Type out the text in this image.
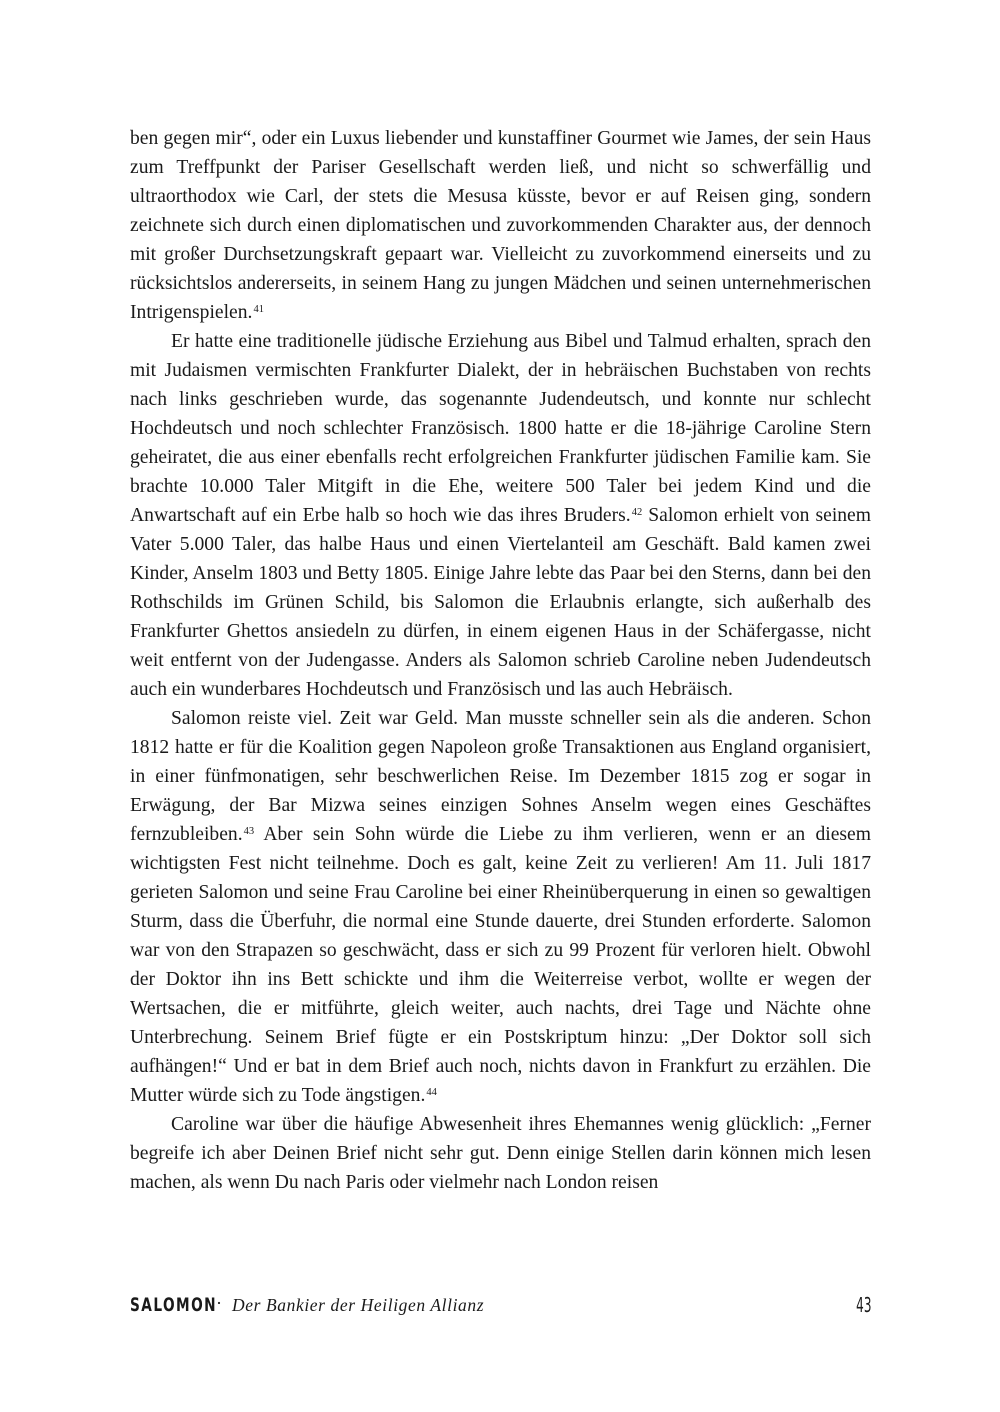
ben gegen mir“, oder ein Luxus liebender und kunstaffiner Gourmet wie James, der sein Haus zum Treffpunkt der Pariser Gesellschaft werden ließ, und nicht so schwerfällig und ultraorthodox wie Carl, der stets die Mesusa küsste, bevor er auf Reisen ging, sondern zeichnete sich durch einen diplomatischen und zuvorkommenden Charakter aus, der dennoch mit großer Durchsetzungskraft gepaart war. Vielleicht zu zuvorkommend einerseits und zu rücksichtslos andererseits, in seinem Hang zu jungen Mädchen und seinen unternehmerischen Intrigenspielen.$^{41}$

Er hatte eine traditionelle jüdische Erziehung aus Bibel und Talmud erhalten, sprach den mit Judaismen vermischten Frankfurter Dialekt, der in hebräischen Buchstaben von rechts nach links geschrieben wurde, das sogenannte Judendeutsch, und konnte nur schlecht Hochdeutsch und noch schlechter Französisch. 1800 hatte er die 18-jährige Caroline Stern geheiratet, die aus einer ebenfalls recht erfolgreichen Frankfurter jüdischen Familie kam. Sie brachte 10.000 Taler Mitgift in die Ehe, weitere 500 Taler bei jedem Kind und die Anwartschaft auf ein Erbe halb so hoch wie das ihres Bruders.$^{42}$ Salomon erhielt von seinem Vater 5.000 Taler, das halbe Haus und einen Viertelanteil am Geschäft. Bald kamen zwei Kinder, Anselm 1803 und Betty 1805. Einige Jahre lebte das Paar bei den Sterns, dann bei den Rothschilds im Grünen Schild, bis Salomon die Erlaubnis erlangte, sich außerhalb des Frankfurter Ghettos ansiedeln zu dürfen, in einem eigenen Haus in der Schäfergasse, nicht weit entfernt von der Judengasse. Anders als Salomon schrieb Caroline neben Judendeutsch auch ein wunderbares Hochdeutsch und Französisch und las auch Hebräisch.

Salomon reiste viel. Zeit war Geld. Man musste schneller sein als die anderen. Schon 1812 hatte er für die Koalition gegen Napoleon große Transaktionen aus England organisiert, in einer fünfmonatigen, sehr beschwerlichen Reise. Im Dezember 1815 zog er sogar in Erwägung, der Bar Mizwa seines einzigen Sohnes Anselm wegen eines Geschäftes fernzubleiben.$^{43}$ Aber sein Sohn würde die Liebe zu ihm verlieren, wenn er an diesem wichtigsten Fest nicht teilnehme. Doch es galt, keine Zeit zu verlieren! Am 11. Juli 1817 gerieten Salomon und seine Frau Caroline bei einer Rheinüberquerung in einen so gewaltigen Sturm, dass die Überfuhr, die normal eine Stunde dauerte, drei Stunden erforderte. Salomon war von den Strapazen so geschwächt, dass er sich zu 99 Prozent für verloren hielt. Obwohl der Doktor ihn ins Bett schickte und ihm die Weiterreise verbot, wollte er wegen der Wertsachen, die er mitführte, gleich weiter, auch nachts, drei Tage und Nächte ohne Unterbrechung. Seinem Brief fügte er ein Postskriptum hinzu: „Der Doktor soll sich aufhängen!“ Und er bat in dem Brief auch noch, nichts davon in Frankfurt zu erzählen. Die Mutter würde sich zu Tode ängstigen.$^{44}$

Caroline war über die häufige Abwesenheit ihres Ehemannes wenig glücklich: „Ferner begreife ich aber Deinen Brief nicht sehr gut. Denn einige Stellen darin können mich lesen machen, als wenn Du nach Paris oder vielmehr nach London reisen

SALOMON
· Der Bankier der Heiligen Allianz	43
